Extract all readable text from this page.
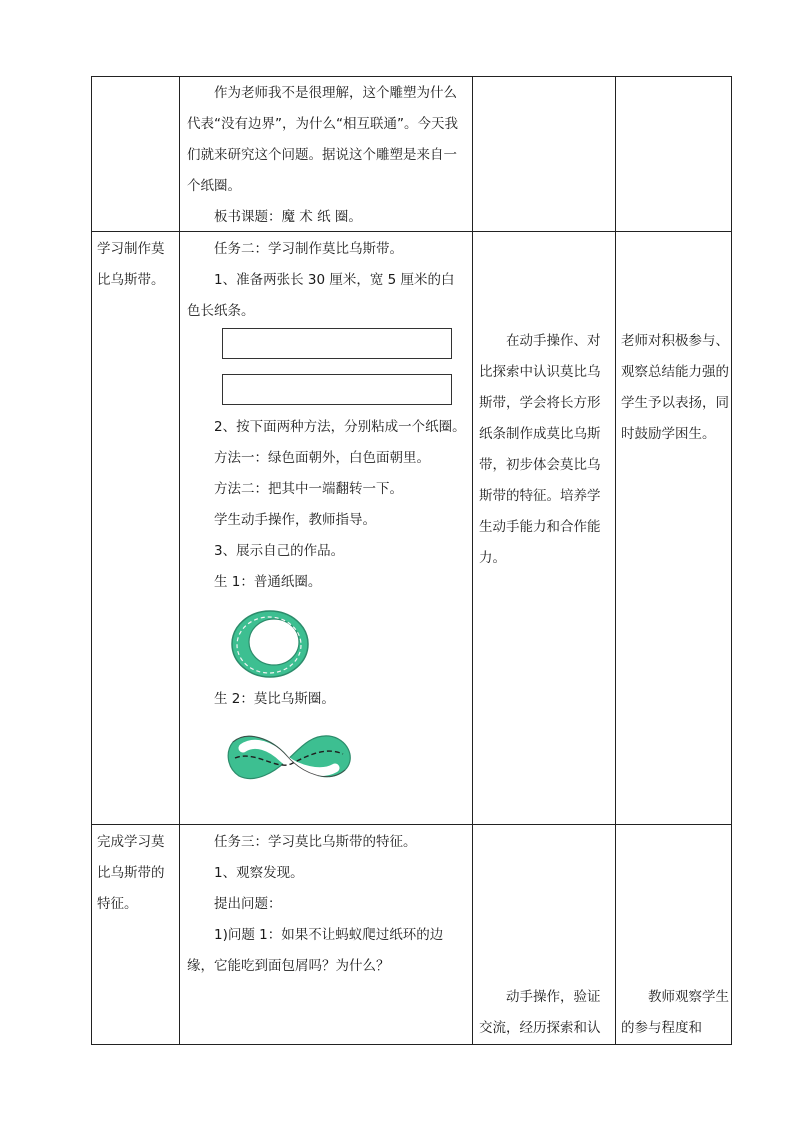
作为老师我不是很理解，这个雕塑为什么代表“没有边界”，为什么“相互联通”。今天我们就来研究这个问题。据说这个雕塑是来自一个纸圈。

板书课题：魔 术 纸 圈。

学习制作莫比乌斯带。

任务二：学习制作莫比乌斯带。

1、准备两张长 30 厘米，宽 5 厘米的白色长纸条。

2、按下面两种方法，分别粘成一个纸圈。

方法一：绿色面朝外，白色面朝里。

方法二：把其中一端翻转一下。

学生动手操作，教师指导。

3、展示自己的作品。

生 1：普通纸圈。

生 2：莫比乌斯圈。

在动手操作、对比探索中认识莫比乌斯带，学会将长方形纸条制作成莫比乌斯带，初步体会莫比乌斯带的特征。培养学生动手能力和合作能力。

老师对积极参与、观察总结能力强的学生予以表扬，同时鼓励学困生。
完成学习莫比乌斯带的特征。

任务三：学习莫比乌斯带的特征。

1、观察发现。

提出问题：

1)问题 1：如果不让蚂蚁爬过纸环的边缘，它能吃到面包屑吗？为什么？

动手操作，验证交流，经历探索和认

教师观察学生的参与程度和
